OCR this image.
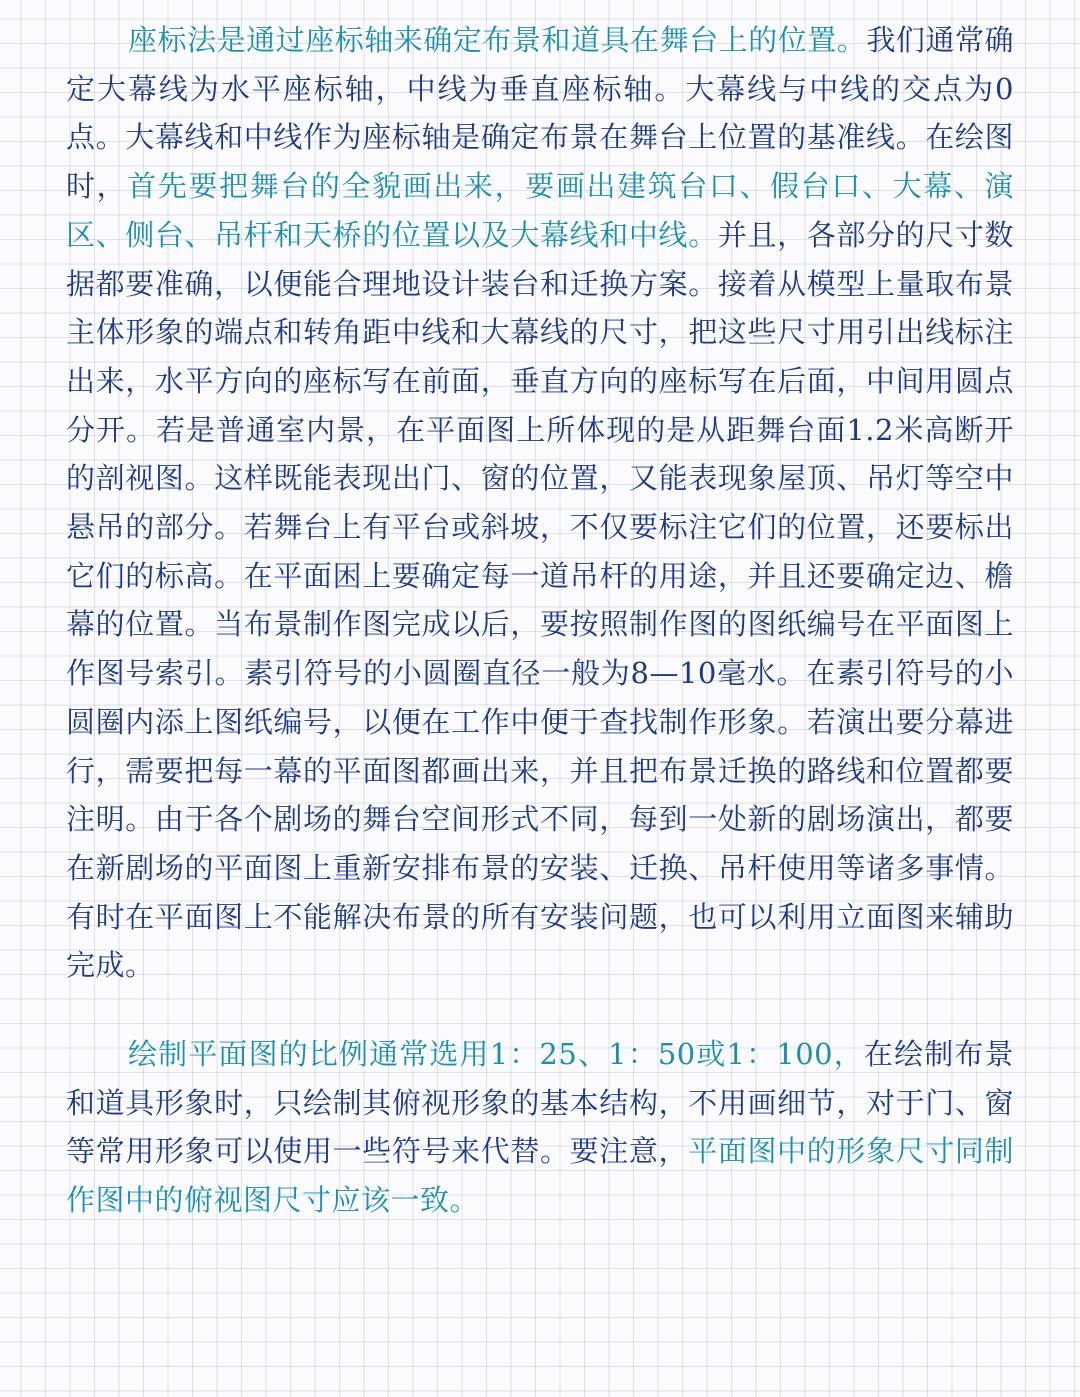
座标法是通过座标轴来确定布景和道具在舞台上的位置。我们通常确定大幕线为水平座标轴，中线为垂直座标轴。大幕线与中线的交点为0点。大幕线和中线作为座标轴是确定布景在舞台上位置的基准线。在绘图时，首先要把舞台的全貌画出来，要画出建筑台口、假台口、大幕、演区、侧台、吊杆和天桥的位置以及大幕线和中线。并且，各部分的尺寸数据都要准确，以便能合理地设计装台和迁换方案。接着从模型上量取布景主体形象的端点和转角距中线和大幕线的尺寸，把这些尺寸用引出线标注出来，水平方向的座标写在前面，垂直方向的座标写在后面，中间用圆点分开。若是普通室内景，在平面图上所体现的是从距舞台面1.2米高断开的剖视图。这样既能表现出门、窗的位置，又能表现象屋顶、吊灯等空中悬吊的部分。若舞台上有平台或斜坡，不仅要标注它们的位置，还要标出它们的标高。在平面困上要确定每一道吊杆的用途，并且还要确定边、檐幕的位置。当布景制作图完成以后，要按照制作图的图纸编号在平面图上作图号索引。素引符号的小圆圈直径一般为8—10毫水。在素引符号的小圆圈内添上图纸编号，以便在工作中便于查找制作形象。若演出要分幕进行，需要把每一幕的平面图都画出来，并且把布景迁换的路线和位置都要注明。由于各个剧场的舞台空间形式不同，每到一处新的剧场演出，都要在新剧场的平面图上重新安排布景的安装、迁换、吊杆使用等诸多事情。有时在平面图上不能解决布景的所有安装问题，也可以利用立面图来辅助完成。

绘制平面图的比例通常选用1：25、1：50或1：100，在绘制布景和道具形象时，只绘制其俯视形象的基本结构，不用画细节，对于门、窗等常用形象可以使用一些符号来代替。要注意，平面图中的形象尺寸同制作图中的俯视图尺寸应该一致。
